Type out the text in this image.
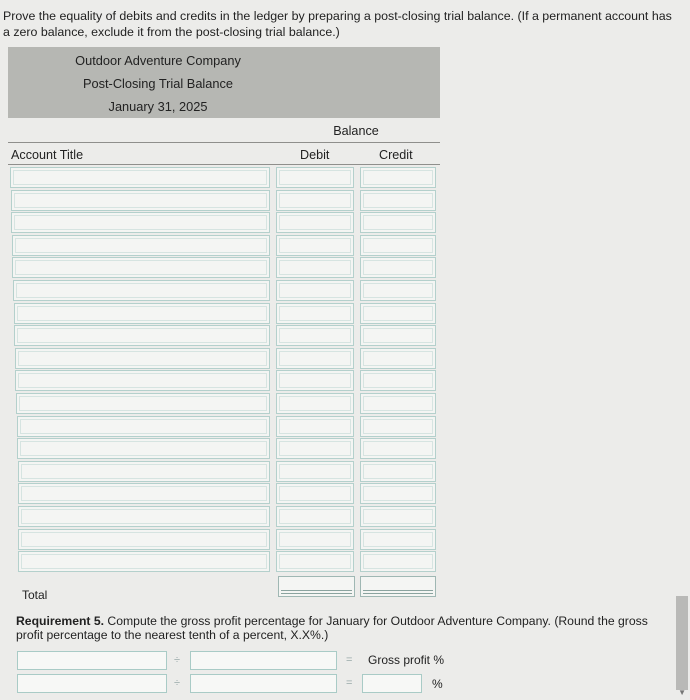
Prove the equality of debits and credits in the ledger by preparing a post-closing trial balance. (If a permanent account has a zero balance, exclude it from the post-closing trial balance.)
Outdoor Adventure Company
Post-Closing Trial Balance
January 31, 2025
Balance
Account Title	Debit	Credit
Total
Requirement 5. Compute the gross profit percentage for January for Outdoor Adventure Company. (Round the gross profit percentage to the nearest tenth of a percent, X.X%.)
÷	= Gross profit %
÷	=	%
▼
